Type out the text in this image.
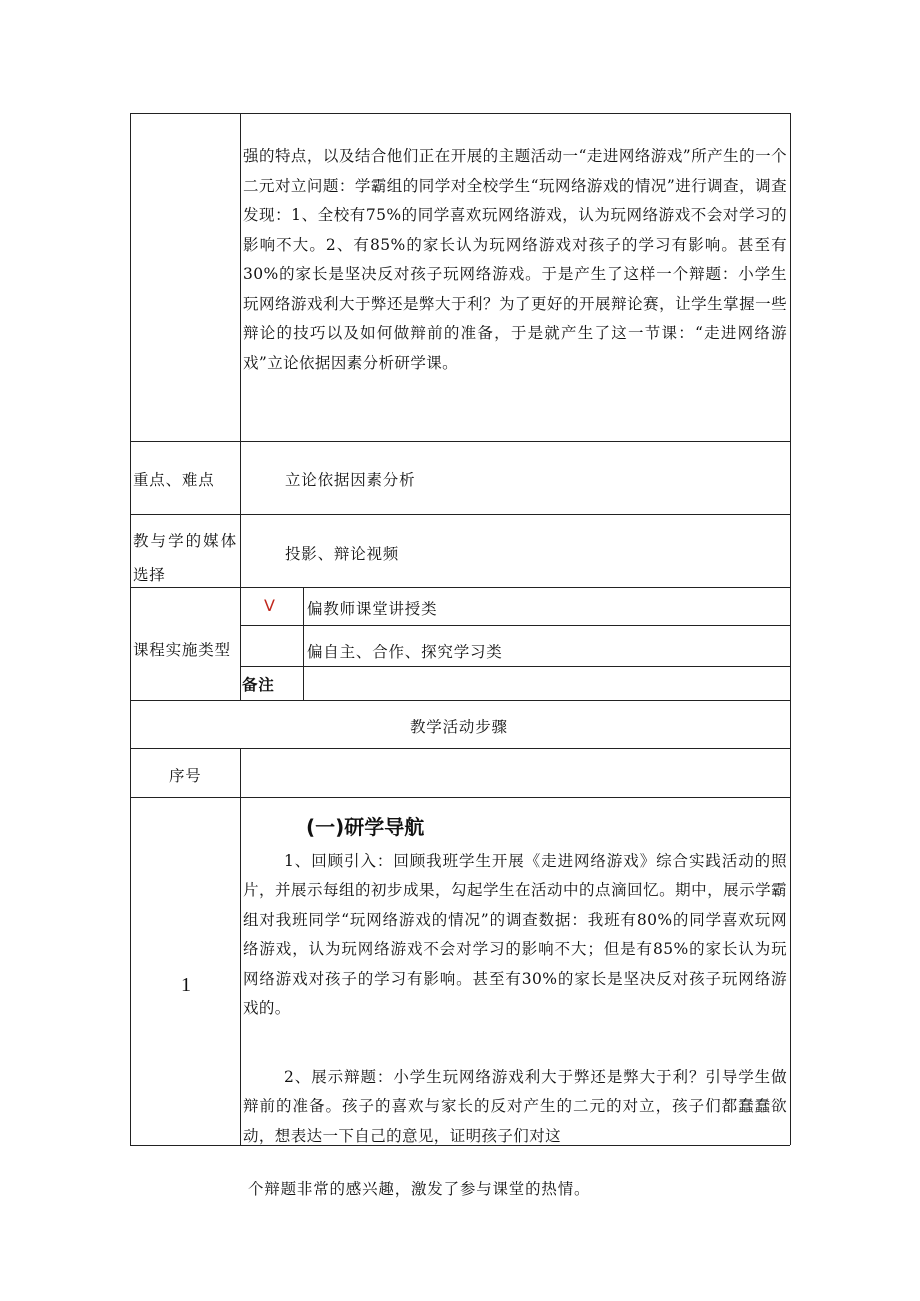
强的特点，以及结合他们正在开展的主题活动一“走进网络游戏”所产生的一个二元对立问题：学霸组的同学对全校学生“玩网络游戏的情况”进行调查，调查发现：1、全校有75%的同学喜欢玩网络游戏，认为玩网络游戏不会对学习的影响不大。2、有85%的家长认为玩网络游戏对孩子的学习有影响。甚至有30%的家长是坚决反对孩子玩网络游戏。于是产生了这样一个辩题：小学生玩网络游戏利大于弊还是弊大于利？为了更好的开展辩论赛，让学生掌握一些辩论的技巧以及如何做辩前的准备，于是就产生了这一节课：“走进网络游戏”立论依据因素分析研学课。
重点、难点	立论依据因素分析
教与学的媒体选择
投影、辩论视频
课程实施类型
V 偏教师课堂讲授类
偏自主、合作、探究学习类
备注
教学活动步骤
序号
1
(一)研学导航
1、回顾引入：回顾我班学生开展《走进网络游戏》综合实践活动的照片，并展示每组的初步成果，勾起学生在活动中的点滴回忆。期中，展示学霸组对我班同学“玩网络游戏的情况”的调查数据：我班有80%的同学喜欢玩网络游戏，认为玩网络游戏不会对学习的影响不大；但是有85%的家长认为玩网络游戏对孩子的学习有影响。甚至有30%的家长是坚决反对孩子玩网络游戏的。
2、展示辩题：小学生玩网络游戏利大于弊还是弊大于利？引导学生做辩前的准备。孩子的喜欢与家长的反对产生的二元的对立，孩子们都蠢蠢欲动，想表达一下自己的意见，证明孩子们对这
个辩题非常的感兴趣，激发了参与课堂的热情。
